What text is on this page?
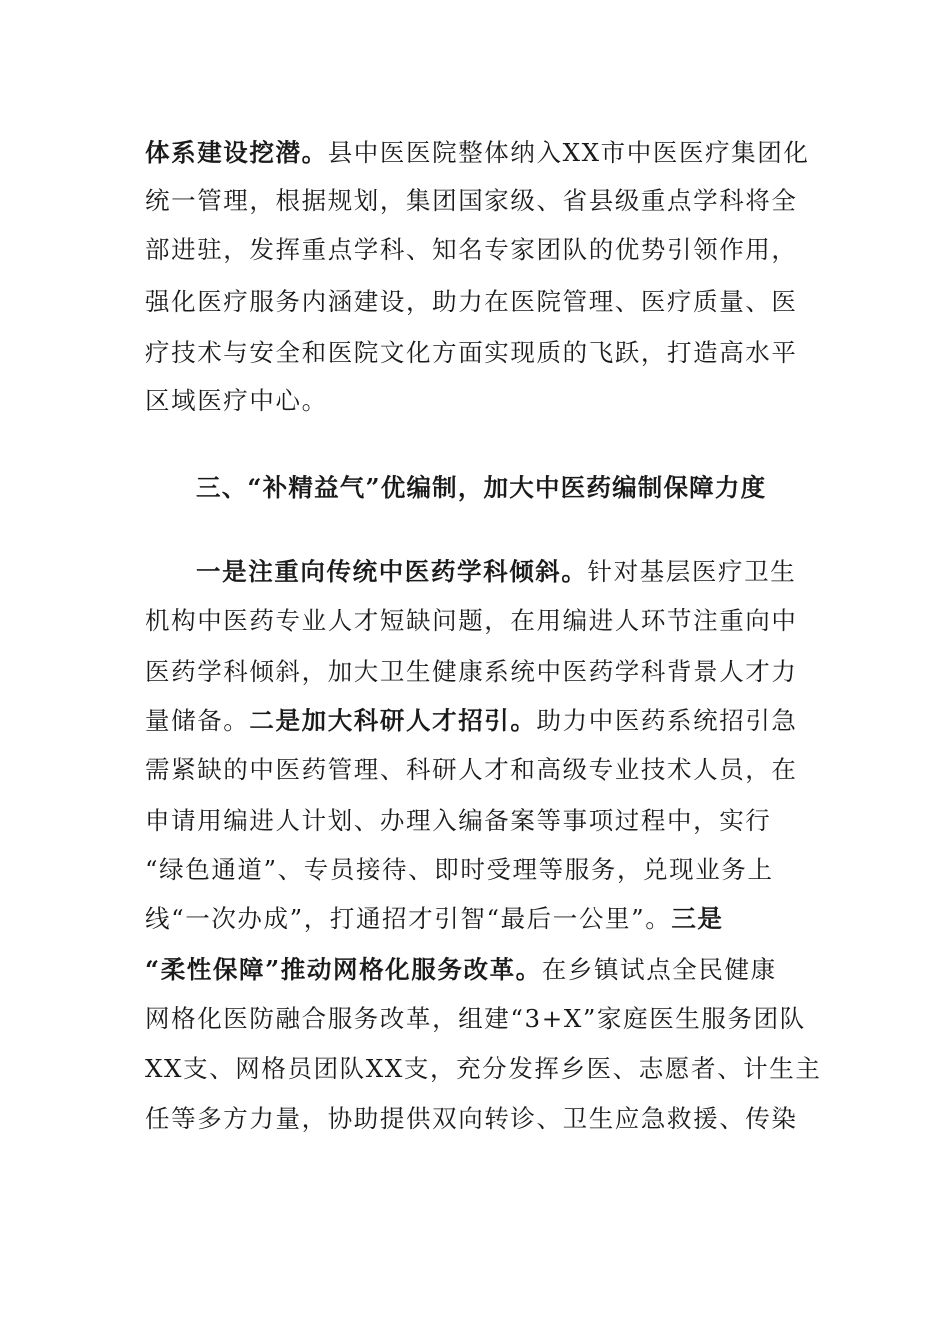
体系建设挖潜。县中医医院整体纳入XX市中医医疗集团化
统一管理，根据规划，集团国家级、省县级重点学科将全
部进驻，发挥重点学科、知名专家团队的优势引领作用，
强化医疗服务内涵建设，助力在医院管理、医疗质量、医
疗技术与安全和医院文化方面实现质的飞跃，打造高水平
区域医疗中心。
三、“补精益气”优编制，加大中医药编制保障力度
一是注重向传统中医药学科倾斜。针对基层医疗卫生
机构中医药专业人才短缺问题，在用编进人环节注重向中
医药学科倾斜，加大卫生健康系统中医药学科背景人才力
量储备。二是加大科研人才招引。助力中医药系统招引急
需紧缺的中医药管理、科研人才和高级专业技术人员，在
申请用编进人计划、办理入编备案等事项过程中，实行
“绿色通道”、专员接待、即时受理等服务，兑现业务上
线“一次办成”，打通招才引智“最后一公里”。三是
“柔性保障”推动网格化服务改革。在乡镇试点全民健康
网格化医防融合服务改革，组建“3+X”家庭医生服务团队
XX支、网格员团队XX支，充分发挥乡医、志愿者、计生主
任等多方力量，协助提供双向转诊、卫生应急救援、传染
